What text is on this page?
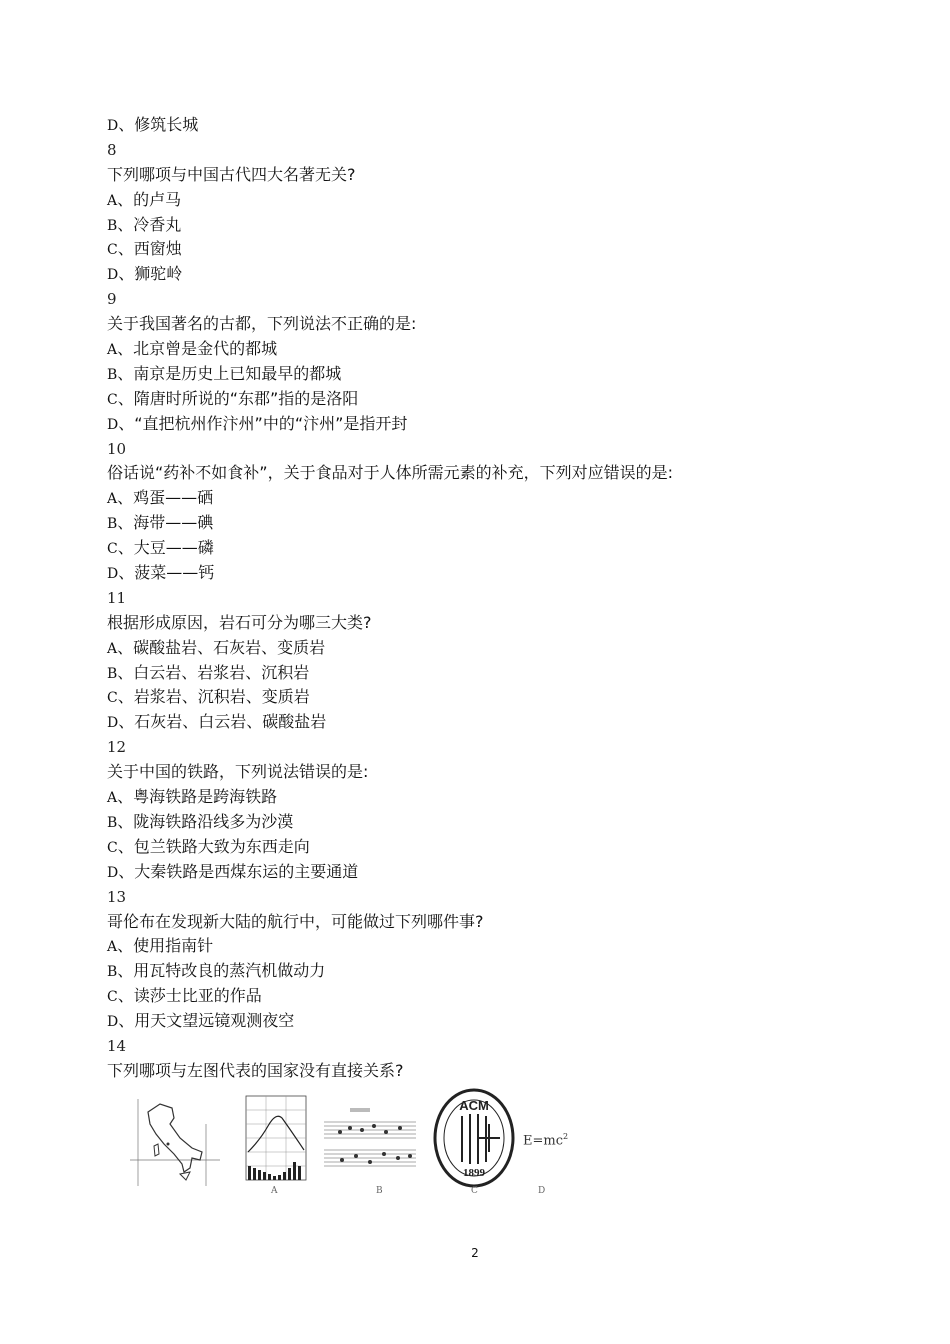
D、修筑长城
8
下列哪项与中国古代四大名著无关?
A、的卢马
B、冷香丸
C、西窗烛
D、狮驼岭
9
关于我国著名的古都，下列说法不正确的是:
A、北京曾是金代的都城
B、南京是历史上已知最早的都城
C、隋唐时所说的“东郡”指的是洛阳
D、“直把杭州作汴州”中的“汴州”是指开封
10
俗话说“药补不如食补”，关于食品对于人体所需元素的补充，下列对应错误的是:
A、鸡蛋——硒
B、海带——碘
C、大豆——磷
D、菠菜——钙
11
根据形成原因，岩石可分为哪三大类?
A、碳酸盐岩、石灰岩、变质岩
B、白云岩、岩浆岩、沉积岩
C、岩浆岩、沉积岩、变质岩
D、石灰岩、白云岩、碳酸盐岩
12
关于中国的铁路，下列说法错误的是:
A、粤海铁路是跨海铁路
B、陇海铁路沿线多为沙漠
C、包兰铁路大致为东西走向
D、大秦铁路是西煤东运的主要通道
13
哥伦布在发现新大陆的航行中，可能做过下列哪件事?
A、使用指南针
B、用瓦特改良的蒸汽机做动力
C、读莎士比亚的作品
D、用天文望远镜观测夜空
14
下列哪项与左图代表的国家没有直接关系?
ACM
1899
$E=mc^2$
A	B	C	D
2
